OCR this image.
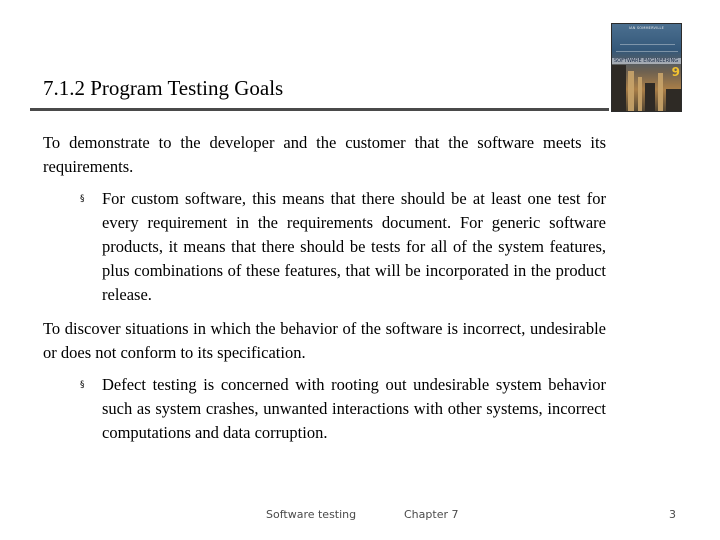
7.1.2 Program Testing Goals
IAN SOMMERVILLE
SOFTWARE ENGINEERING
9
To demonstrate to the developer and the customer that the software meets its requirements.
§ For custom software, this means that there should be at least one test for every requirement in the requirements document. For generic software products, it means that there should be tests for all of the system features, plus combinations of these features, that will be incorporated in the product release.
To discover situations in which the behavior of the software is incorrect, undesirable or does not conform to its specification.
§ Defect testing is concerned with rooting out undesirable system behavior such as system crashes, unwanted interactions with other systems, incorrect computations and data corruption.
Software testing	Chapter 7	3
